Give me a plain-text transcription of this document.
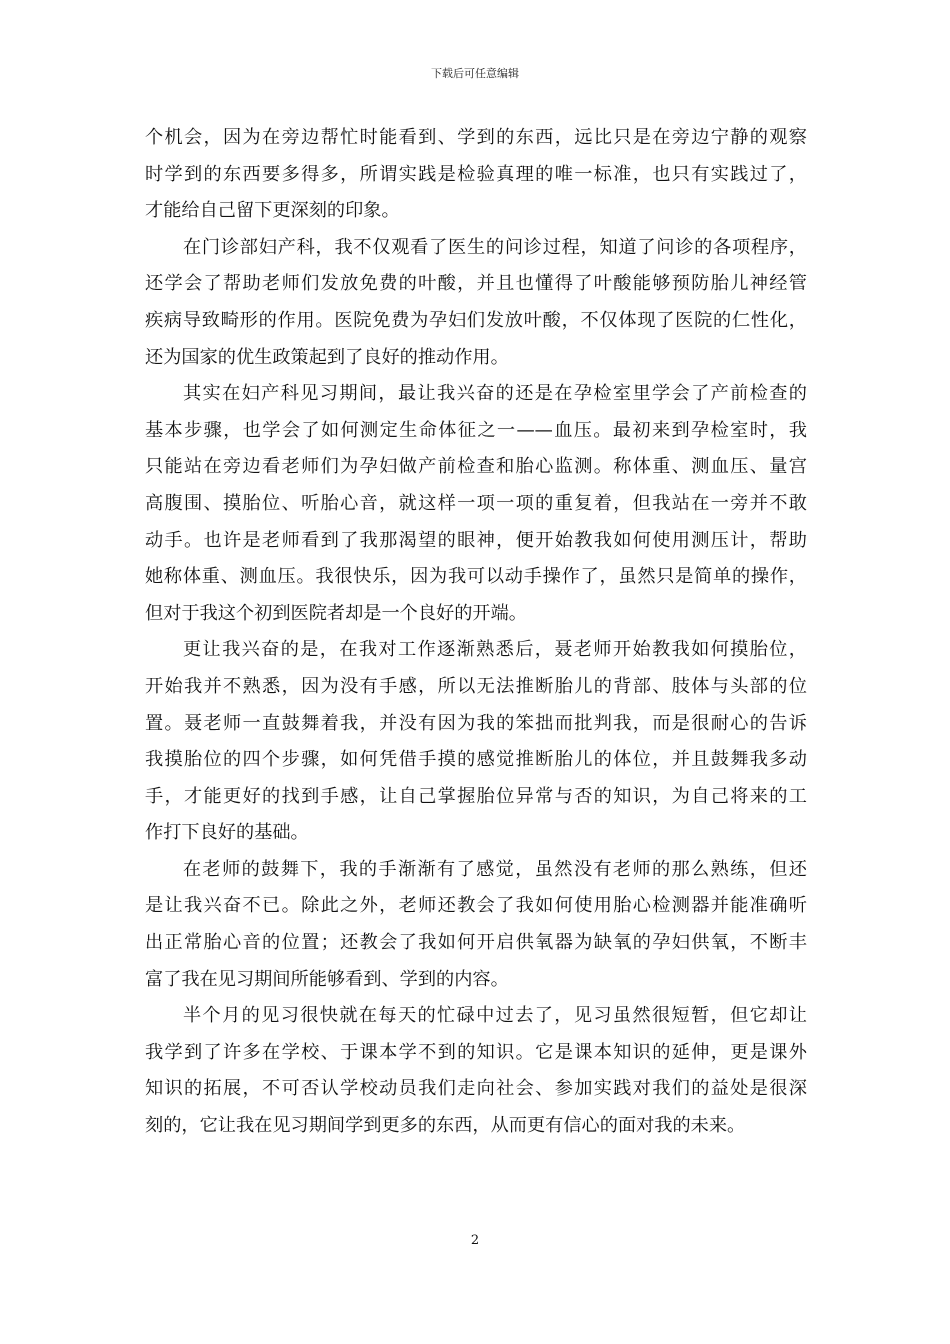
下载后可任意编辑
个机会，因为在旁边帮忙时能看到、学到的东西，远比只是在旁边宁静的观察
时学到的东西要多得多，所谓实践是检验真理的唯一标准，也只有实践过了，
才能给自己留下更深刻的印象。
在门诊部妇产科，我不仅观看了医生的问诊过程，知道了问诊的各项程序，
还学会了帮助老师们发放免费的叶酸，并且也懂得了叶酸能够预防胎儿神经管
疾病导致畸形的作用。医院免费为孕妇们发放叶酸，不仅体现了医院的仁性化，
还为国家的优生政策起到了良好的推动作用。
其实在妇产科见习期间，最让我兴奋的还是在孕检室里学会了产前检查的
基本步骤，也学会了如何测定生命体征之一——血压。最初来到孕检室时，我
只能站在旁边看老师们为孕妇做产前检查和胎心监测。称体重、测血压、量宫
高腹围、摸胎位、听胎心音，就这样一项一项的重复着，但我站在一旁并不敢
动手。也许是老师看到了我那渴望的眼神，便开始教我如何使用测压计，帮助
她称体重、测血压。我很快乐，因为我可以动手操作了，虽然只是简单的操作，
但对于我这个初到医院者却是一个良好的开端。
更让我兴奋的是，在我对工作逐渐熟悉后，聂老师开始教我如何摸胎位，
开始我并不熟悉，因为没有手感，所以无法推断胎儿的背部、肢体与头部的位
置。聂老师一直鼓舞着我，并没有因为我的笨拙而批判我，而是很耐心的告诉
我摸胎位的四个步骤，如何凭借手摸的感觉推断胎儿的体位，并且鼓舞我多动
手，才能更好的找到手感，让自己掌握胎位异常与否的知识，为自己将来的工
作打下良好的基础。
在老师的鼓舞下，我的手渐渐有了感觉，虽然没有老师的那么熟练，但还
是让我兴奋不已。除此之外，老师还教会了我如何使用胎心检测器并能准确听
出正常胎心音的位置；还教会了我如何开启供氧器为缺氧的孕妇供氧，不断丰
富了我在见习期间所能够看到、学到的内容。
半个月的见习很快就在每天的忙碌中过去了，见习虽然很短暂，但它却让
我学到了许多在学校、于课本学不到的知识。它是课本知识的延伸，更是课外
知识的拓展，不可否认学校动员我们走向社会、参加实践对我们的益处是很深
刻的，它让我在见习期间学到更多的东西，从而更有信心的面对我的未来。
2
